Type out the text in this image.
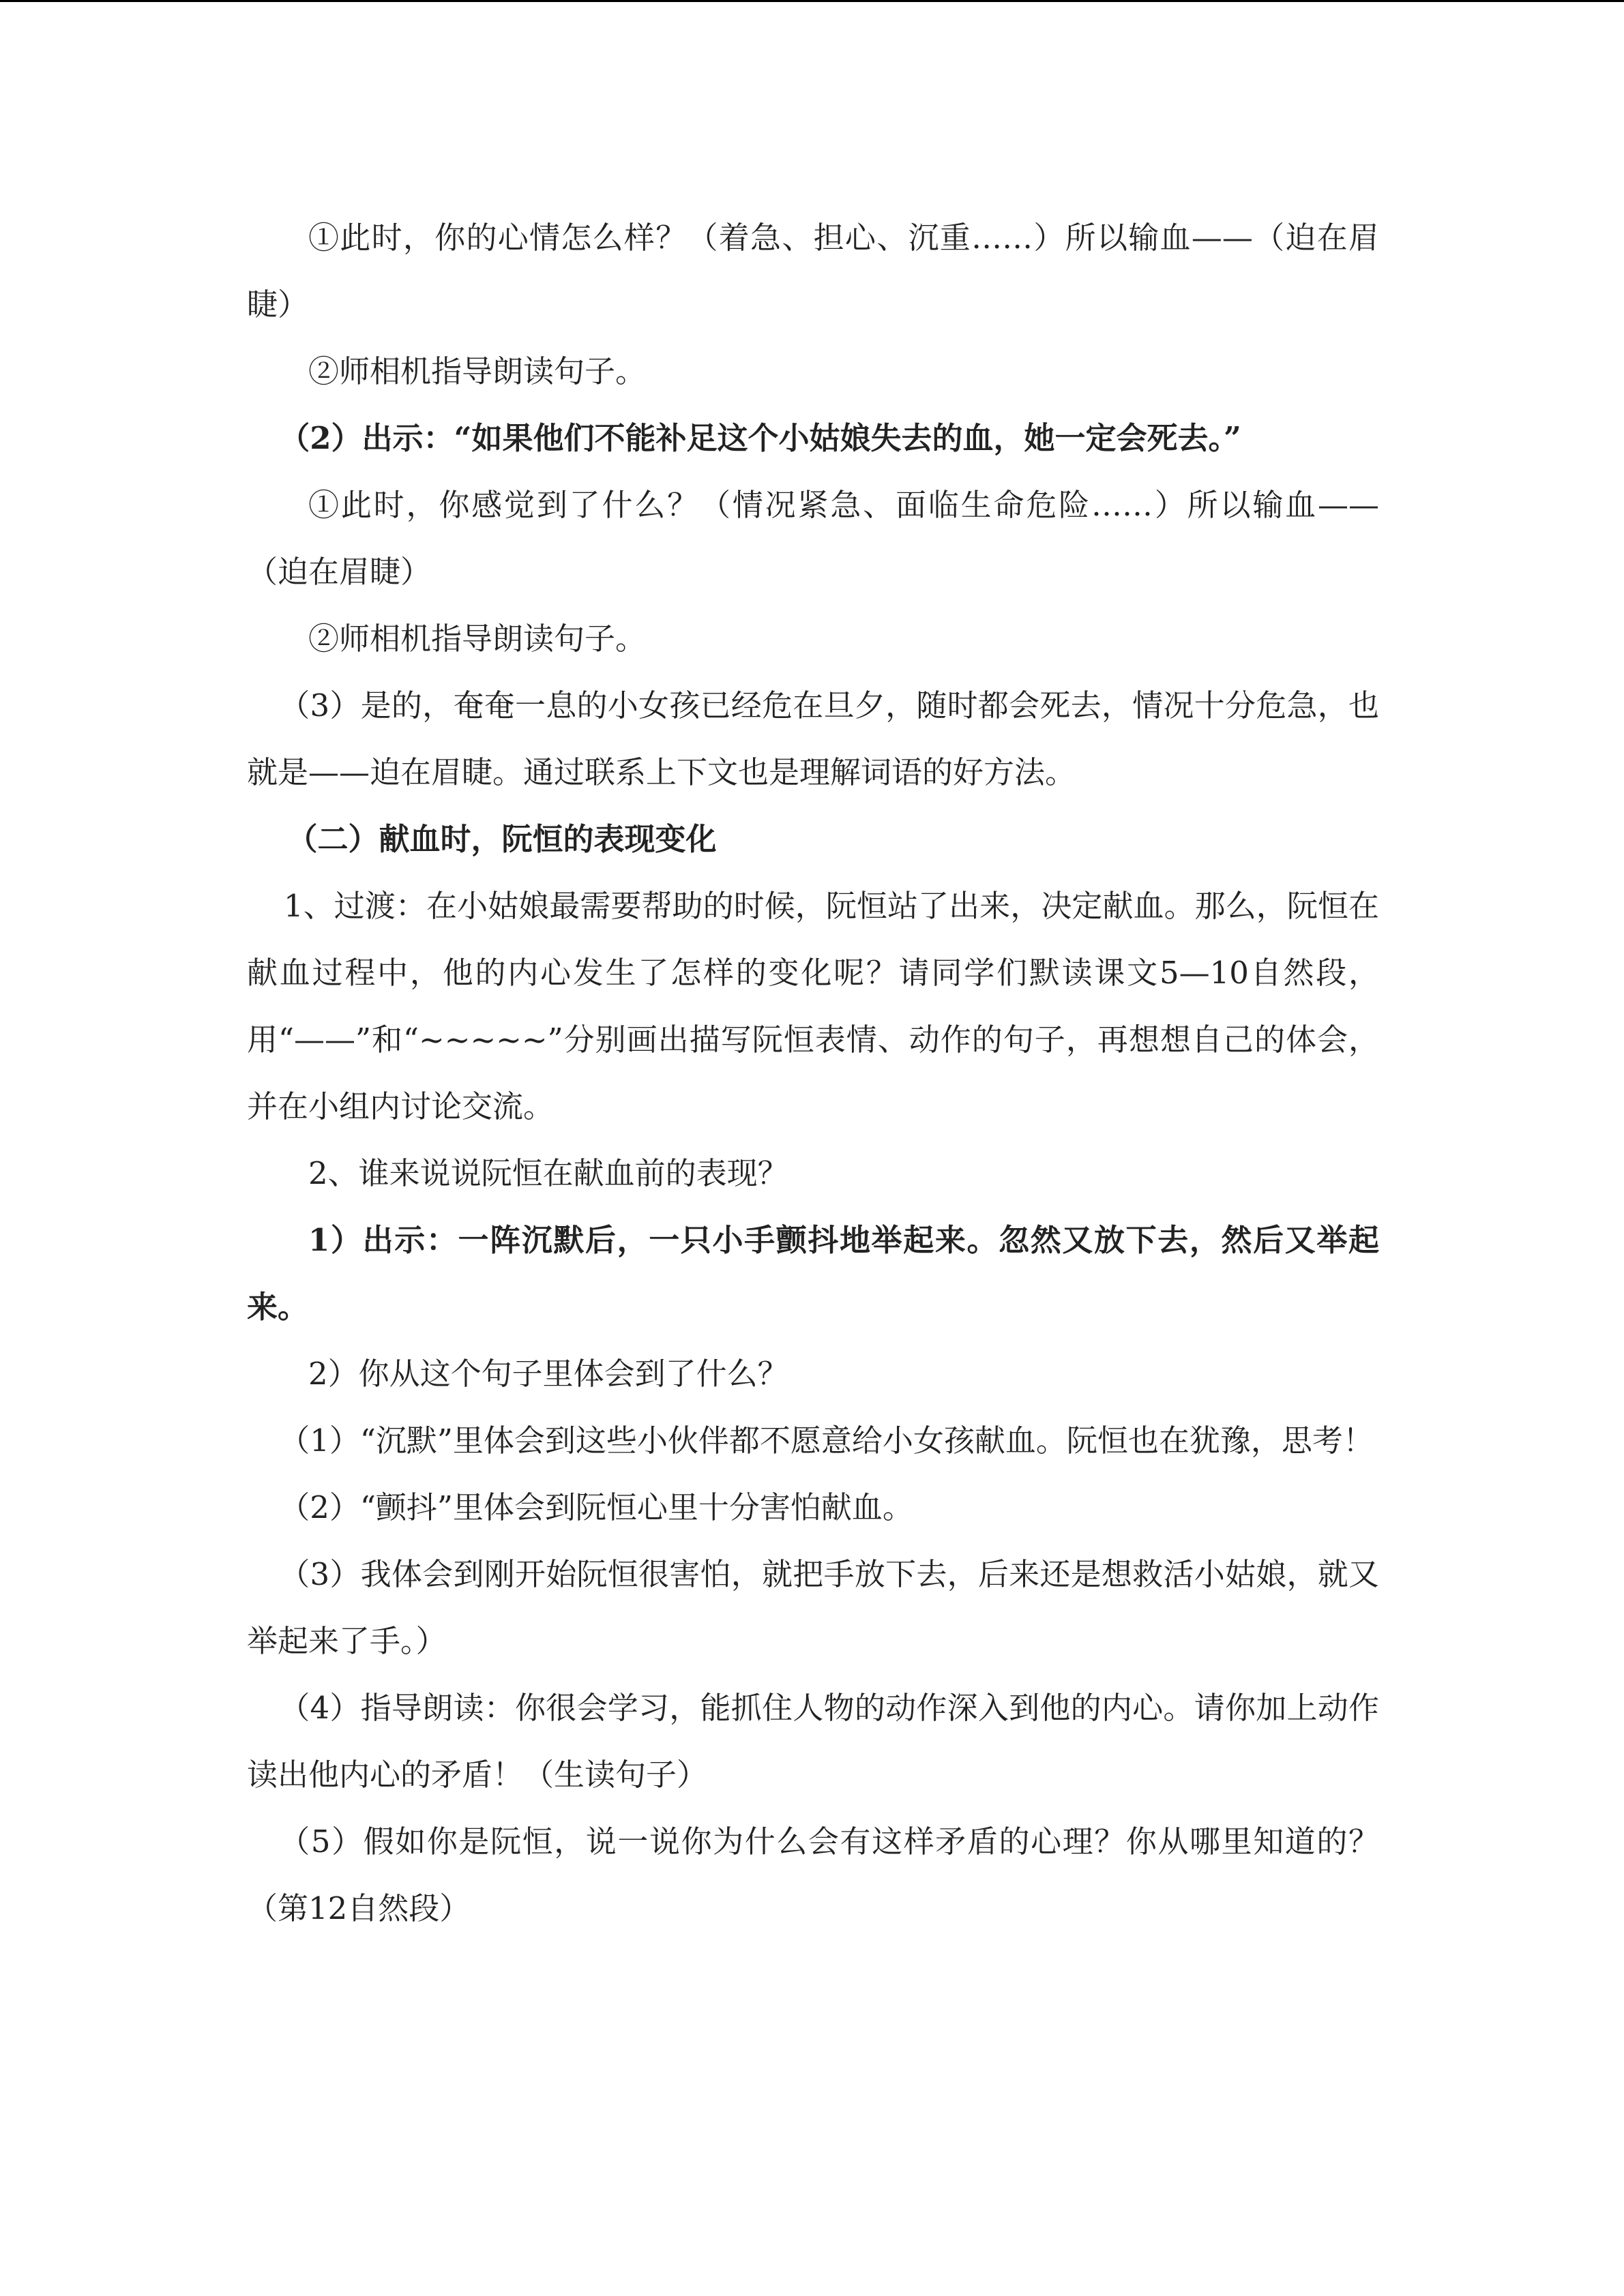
①此时，你的心情怎么样？（着急、担心、沉重……）所以输血——（迫在眉睫）

②师相机指导朗读句子。

（2）出示：“如果他们不能补足这个小姑娘失去的血，她一定会死去。”

①此时，你感觉到了什么？（情况紧急、面临生命危险……）所以输血——（迫在眉睫）

②师相机指导朗读句子。

（3）是的，奄奄一息的小女孩已经危在旦夕，随时都会死去，情况十分危急，也就是——迫在眉睫。通过联系上下文也是理解词语的好方法。

（二）献血时，阮恒的表现变化

1、过渡：在小姑娘最需要帮助的时候，阮恒站了出来，决定献血。那么，阮恒在献血过程中，他的内心发生了怎样的变化呢？请同学们默读课文5—10自然段，用“——”和“~~~~~”分别画出描写阮恒表情、动作的句子，再想想自己的体会，并在小组内讨论交流。

2、谁来说说阮恒在献血前的表现？

1）出示：一阵沉默后，一只小手颤抖地举起来。忽然又放下去，然后又举起来。

2）你从这个句子里体会到了什么？

（1）“沉默”里体会到这些小伙伴都不愿意给小女孩献血。阮恒也在犹豫，思考！

（2）“颤抖”里体会到阮恒心里十分害怕献血。

（3）我体会到刚开始阮恒很害怕，就把手放下去，后来还是想救活小姑娘，就又举起来了手。）

（4）指导朗读：你很会学习，能抓住人物的动作深入到他的内心。请你加上动作读出他内心的矛盾！（生读句子）

（5）假如你是阮恒，说一说你为什么会有这样矛盾的心理？你从哪里知道的？（第12自然段）
